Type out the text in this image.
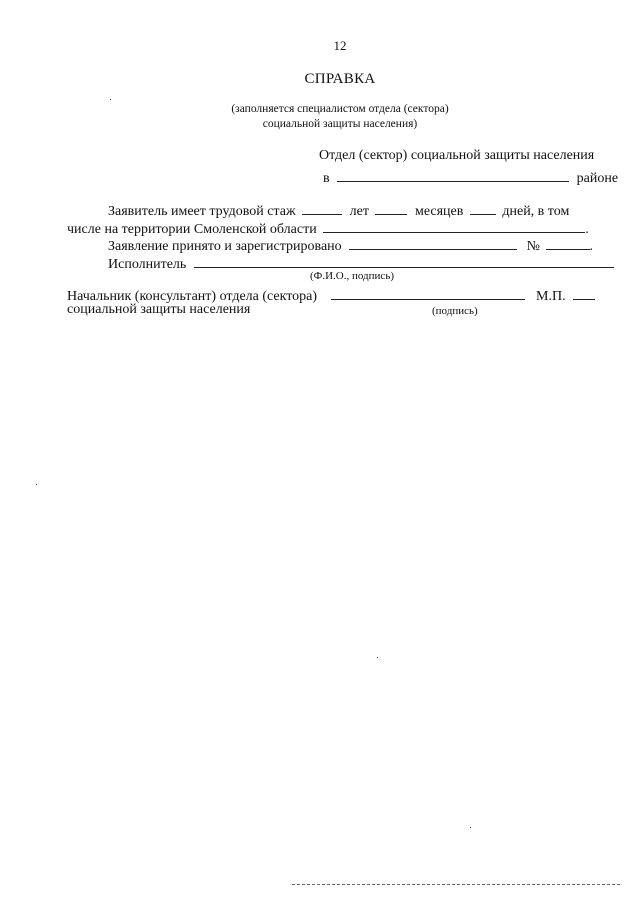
12
СПРАВКА
(заполняется специалистом отдела (сектора)
социальной защиты населения)
Отдел (сектор) социальной защиты населения
в	районе
Заявитель имеет трудовой стаж	лет	месяцев	дней, в том
числе на территории Смоленской области	.
Заявление принято и зарегистрировано	№	.
Исполнитель
(Ф.И.О., подпись)
Начальник (консультант) отдела (сектора)	М.П.
социальной защиты населения	(подпись)
